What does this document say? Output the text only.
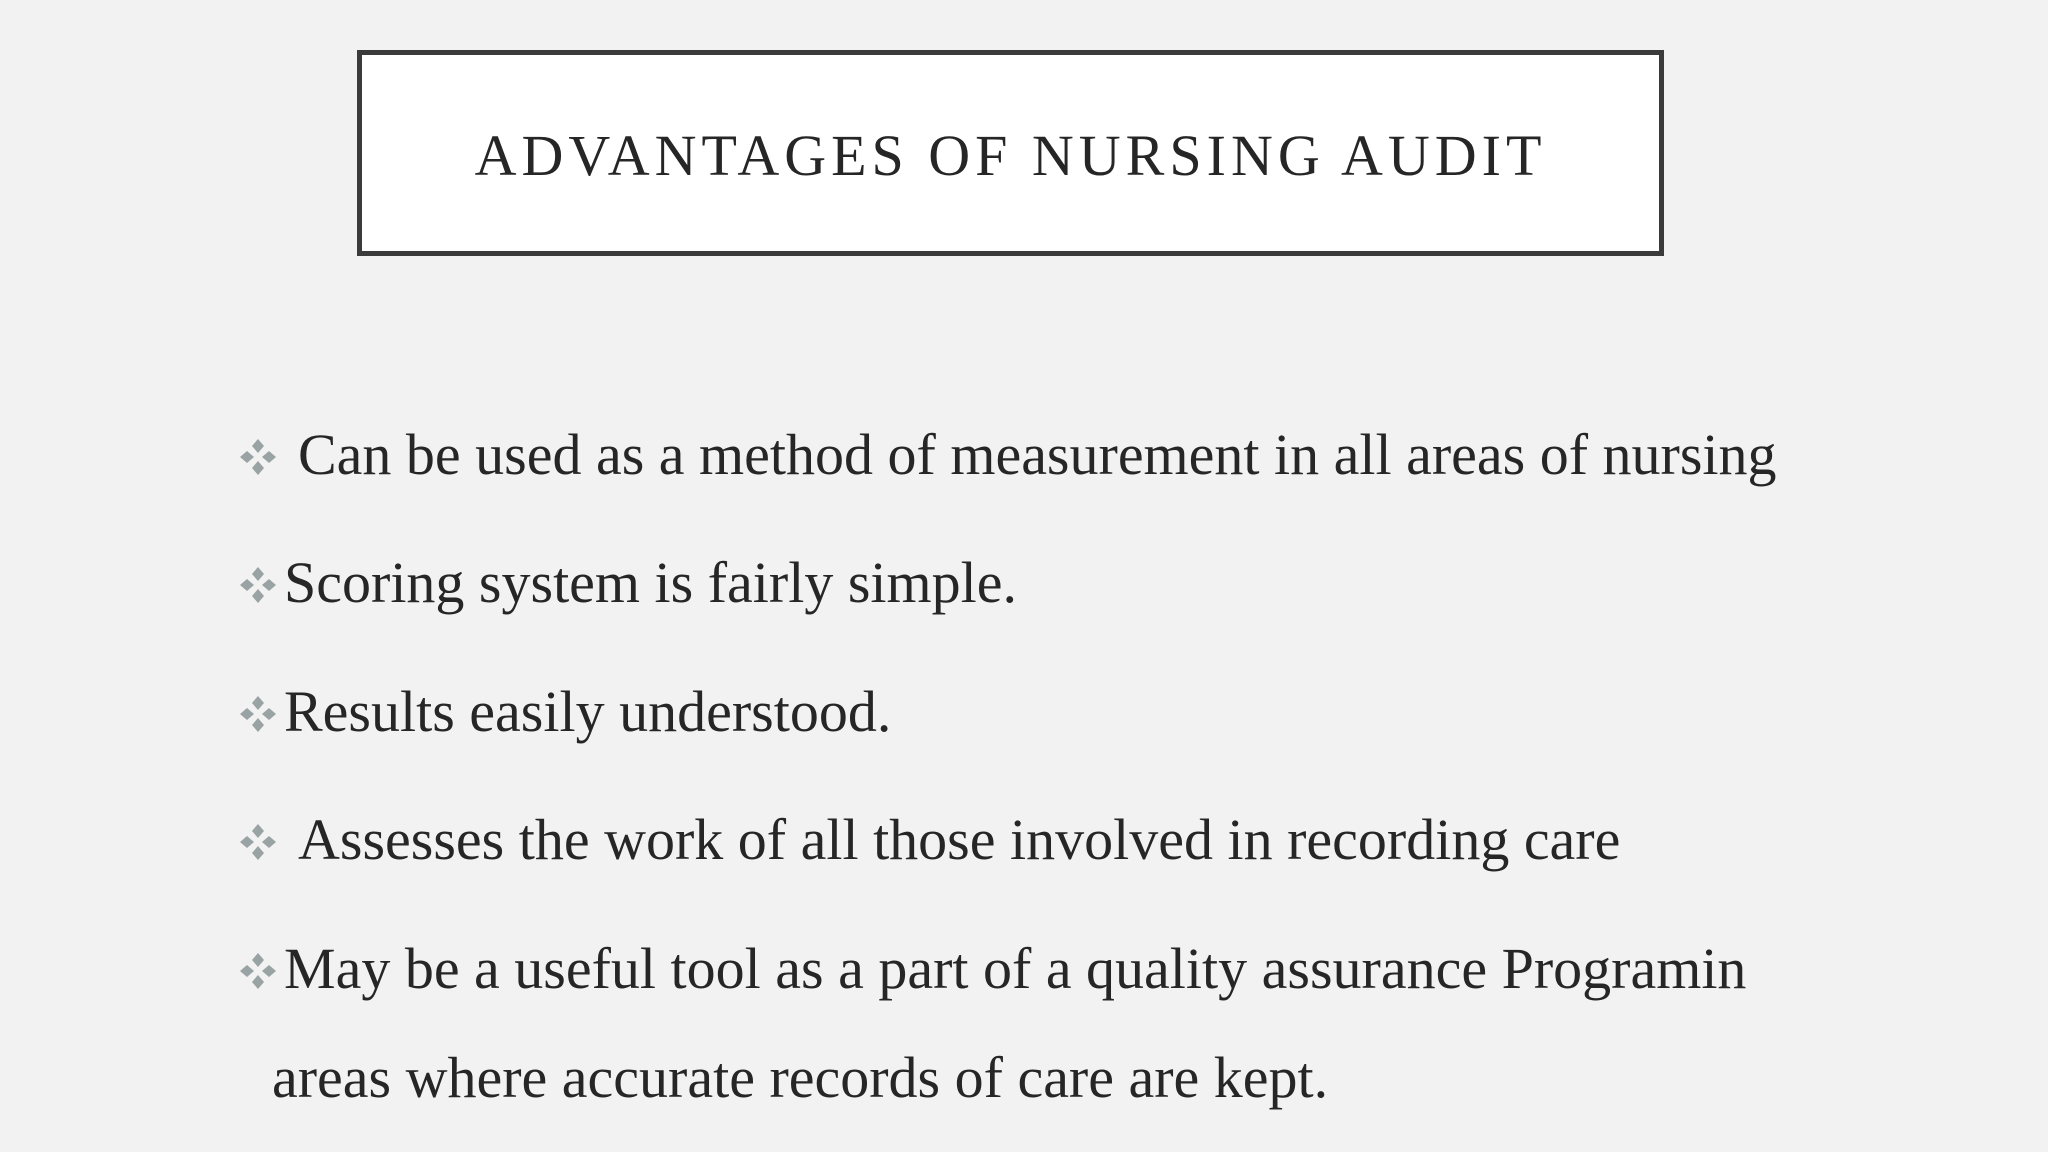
ADVANTAGES OF NURSING AUDIT
Can be used as a method of measurement in all areas of nursing
Scoring system is fairly simple.
Results easily understood.
Assesses the work of all those involved in recording care
May be a useful tool as a part of a quality assurance Programin
areas where accurate records of care are kept.
